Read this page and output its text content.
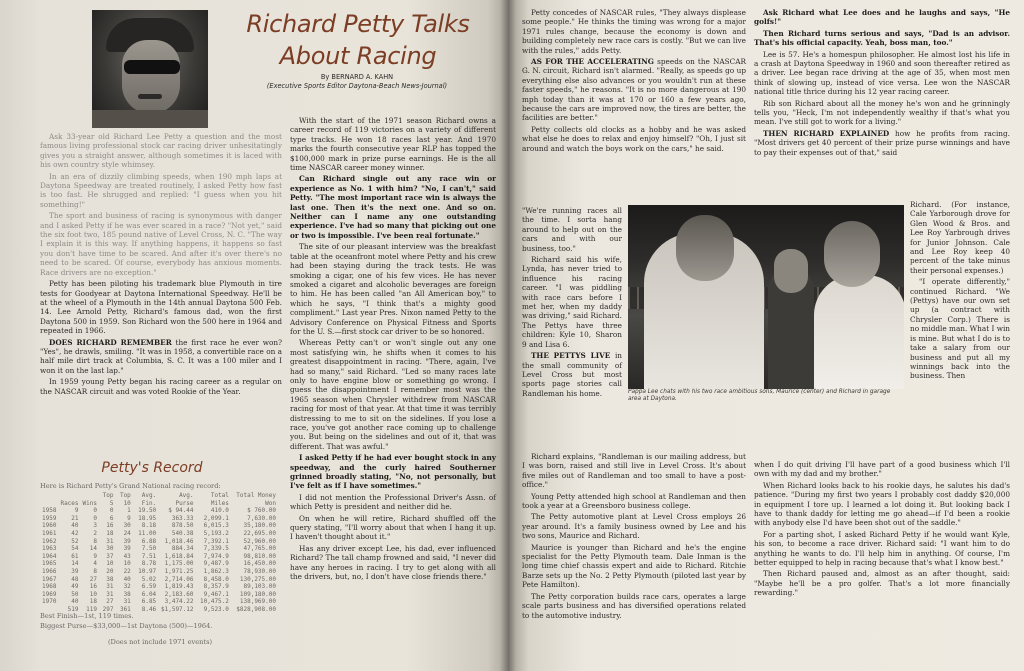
Richard Petty Talks
About Racing
By BERNARD A. KAHN
(Executive Sports Editor Daytona-Beach News-Journal)

Ask 33-year old Richard Lee Petty a question and the most famous living professional stock car racing driver unhesitatingly gives you a straight answer, although sometimes it is laced with his own country style whimsey.

In an era of dizzily climbing speeds, when 190 mph laps at Daytona Speedway are treated routinely, I asked Petty how fast is too fast. He shrugged and replied: "I guess when you hit something!"

The sport and business of racing is synonymous with danger and I asked Petty if he was ever scared in a race? "Not yet," said the six foot two, 185 pound native of Level Cross, N. C. "The way I explain it is this way. If anything happens, it happens so fast you don't have time to be scared. And after it's over there's no need to be scared. Of course, everybody has anxious moments. Race drivers are no exception."

Petty has been piloting his trademark blue Plymouth in tire tests for Goodyear at Daytona International Speedway. He'll be at the wheel of a Plymouth in the 14th annual Daytona 500 Feb. 14. Lee Arnold Petty, Richard's famous dad, won the first Daytona 500 in 1959. Son Richard won the 500 here in 1964 and repeated in 1966.

DOES RICHARD REMEMBER the first race he ever won? "Yes", he drawls, smiling. "It was in 1958, a convertible race on a half mile dirt track at Columbia, S. C. It was a 100 miler and I won it on the last lap."

In 1959 young Petty began his racing career as a regular on the NASCAR circuit and was voted Rookie of the Year.

Petty's Record
Here is Richard Petty's Grand National racing record:
	Races	Wins	Top 5	Top 10	Avg. Fin.	Avg. Purse	Total Miles	Total Money Won
1958	9	0	0	1	19.50	$ 94.44	410.0	$ 760.00
1959	21	0	6	9	18.95	363.33	2,099.1	7,630.00
1960	40	3	16	30	8.18	878.50	6,015.3	35,180.00
1961	42	2	18	24	11.00	540.38	5,193.2	22,695.00
1962	52	8	31	39	6.88	1,018.46	7,392.1	52,960.00
1963	54	14	30	39	7.50	884.34	7,339.5	47,765.00
1964	61	9	37	43	7.51	1,618.84	7,974.9	98,810.00
1965	14	4	10	10	8.78	1,175.00	9,487.9	16,450.00
1966	39	8	20	22	10.97	1,971.25	1,862.3	78,930.00
1967	48	27	38	40	5.02	2,714.06	8,458.0	130,275.00
1968	49	16	31	32	6.59	1,819.43	8,357.9	89,103.00
1969	50	10	31	38	6.04	2,183.60	9,467.1	109,180.00
1970	40	18	27	31	6.85	3,474.22	10,475.2	138,969.00
	519	119	297	361	8.46	$1,597.12	9,523.0	$828,908.00
Best Finish—1st, 119 times.
Biggest Purse—$33,000—1st Daytona (500)—1964.
(Does not include 1971 events)

With the start of the 1971 season Richard owns a career record of 119 victories on a variety of different type tracks. He won 18 races last year. And 1970 marks the fourth consecutive year RLP has topped the $100,000 mark in prize purse earnings. He is the all time NASCAR career money winner.

Can Richard single out any race win or experience as No. 1 with him? "No, I can't," said Petty. "The most important race win is always the last one. Then it's the next one. And so on. Neither can I name any one outstanding experience. I've had so many that picking out one or two is impossible. I've been real fortunate."

The site of our pleasant interview was the breakfast table at the oceanfront motel where Petty and his crew had been staying during the track tests. He was smoking a cigar, one of his few vices. He has never smoked a cigaret and alcoholic beverages are foreign to him. He has been called "an All American boy," to which he says, "I think that's a mighty good compliment." Last year Pres. Nixon named Petty to the Advisory Conference on Physical Fitness and Sports for the U. S.—first stock car driver to be so honored.

Whereas Petty can't or won't single out any one most satisfying win, he shifts when it comes to his greatest disappointment in racing. "There, again, I've had so many," said Richard. "Led so many races late only to have engine blow or something go wrong. I guess the disappointment I remember most was the 1965 season when Chrysler withdrew from NASCAR racing for most of that year. At that time it was terribly distressing to me to sit on the sidelines. If you lose a race, you've got another race coming up to challenge you. But being on the sidelines and out of it, that was different. That was awful."

I asked Petty if he had ever bought stock in any speedway, and the curly haired Southerner grinned broadly stating, "No, not personally, but I've felt as if I have sometimes."

I did not mention the Professional Driver's Assn. of which Petty is president and neither did he.

On when he will retire, Richard shuffled off the query stating, "I'll worry about that when I hang it up. I haven't thought about it."

Has any driver except Lee, his dad, ever influenced Richard? The tall champ frowned and said, "I never did have any heroes in racing. I try to get along with all the drivers, but, no, I don't have close friends there."

Petty concedes of NASCAR rules, "They always displease some people." He thinks the timing was wrong for a major 1971 rules change, because the economy is down and building completely new race cars is costly. "But we can live with the rules," adds Petty.

AS FOR THE ACCELERATING speeds on the NASCAR G. N. circuit, Richard isn't alarmed. "Really, as speeds go up everything else also advances or you wouldn't run at these faster speeds," he reasons. "It is no more dangerous at 190 mph today than it was at 170 or 160 a few years ago, because the cars are improved now, the tires are better, the facilities are better."

Petty collects old clocks as a hobby and he was asked what else he does to relax and enjoy himself? "Oh, I just sit around and watch the boys work on the cars," he said.

"We're running races all the time. I sorta hang around to help out on the cars and with our business, too."

Richard said his wife, Lynda, has never tried to influence his racing career. "I was piddling with race cars before I met her, when my daddy was driving," said Richard. The Pettys have three children: Kyle 10, Sharon 9 and Lisa 6.

THE PETTYS LIVE in the small community of Level Cross but most sports page stories call Randleman his home.	Pappa Lee chats with his two race ambitious sons, Maurice (center) and Richard in garage area at Daytona.

Richard explains, "Randleman is our mailing address, but I was born, raised and still live in Level Cross. It's about five miles out of Randleman and too small to have a post-office."

Young Petty attended high school at Randleman and then took a year at a Greensboro business college.

The Petty automotive plant at Level Cross employs 26 year around. It's a family business owned by Lee and his two sons, Maurice and Richard.

Maurice is younger than Richard and he's the engine specialist for the Petty Plymouth team. Dale Inman is the long time chief chassis expert and aide to Richard. Ritchie Barze sets up the No. 2 Petty Plymouth (piloted last year by Pete Hamilton).

The Petty corporation builds race cars, operates a large scale parts business and has diversified operations related to the automotive industry.

Ask Richard what Lee does and he laughs and says, "He golfs!"

Then Richard turns serious and says, "Dad is an advisor. That's his official capacity. Yeah, boss man, too."

Lee is 57. He's a homespun philosopher. He almost lost his life in a crash at Daytona Speedway in 1960 and soon thereafter retired as a driver. Lee began race driving at the age of 35, when most men think of slowing up, instead of vice versa. Lee won the NASCAR national title thrice during his 12 year racing career.

Rib son Richard about all the money he's won and he grinningly tells you, "Heck, I'm not independently wealthy if that's what you mean. I've still got to work for a living."

THEN RICHARD EXPLAINED how he profits from racing. "Most drivers get 40 percent of their prize purse winnings and have to pay their expenses out of that," said

Richard. (For instance, Cale Yarborough drove for Glen Wood & Bros. and Lee Roy Yarbrough drives for Junior Johnson. Cale and Lee Roy keep 40 percent of the take minus their personal expenses.)

"I operate differently," continued Richard. "We (Pettys) have our own set up (a contract with Chrysler Corp.) There is no middle man. What I win is mine. But what I do is to take a salary from our business and put all my winnings back into the business. Then

when I do quit driving I'll have part of a good business which I'll own with my dad and my brother."

When Richard looks back to his rookie days, he salutes his dad's patience. "During my first two years I probably cost daddy $20,000 in equipment I tore up. I learned a lot doing it. But looking back I have to thank daddy for letting me go ahead—if I'd been a rookie with anybody else I'd have been shot out of the saddle."

For a parting shot, I asked Richard Petty if he would want Kyle, his son, to become a race driver. Richard said: "I want him to do anything he wants to do. I'll help him in anything. Of course, I'm better equipped to help in racing because that's what I know best."

Then Richard paused and, almost as an after thought, said: "Maybe he'll be a pro golfer. That's a lot more financially rewarding."
